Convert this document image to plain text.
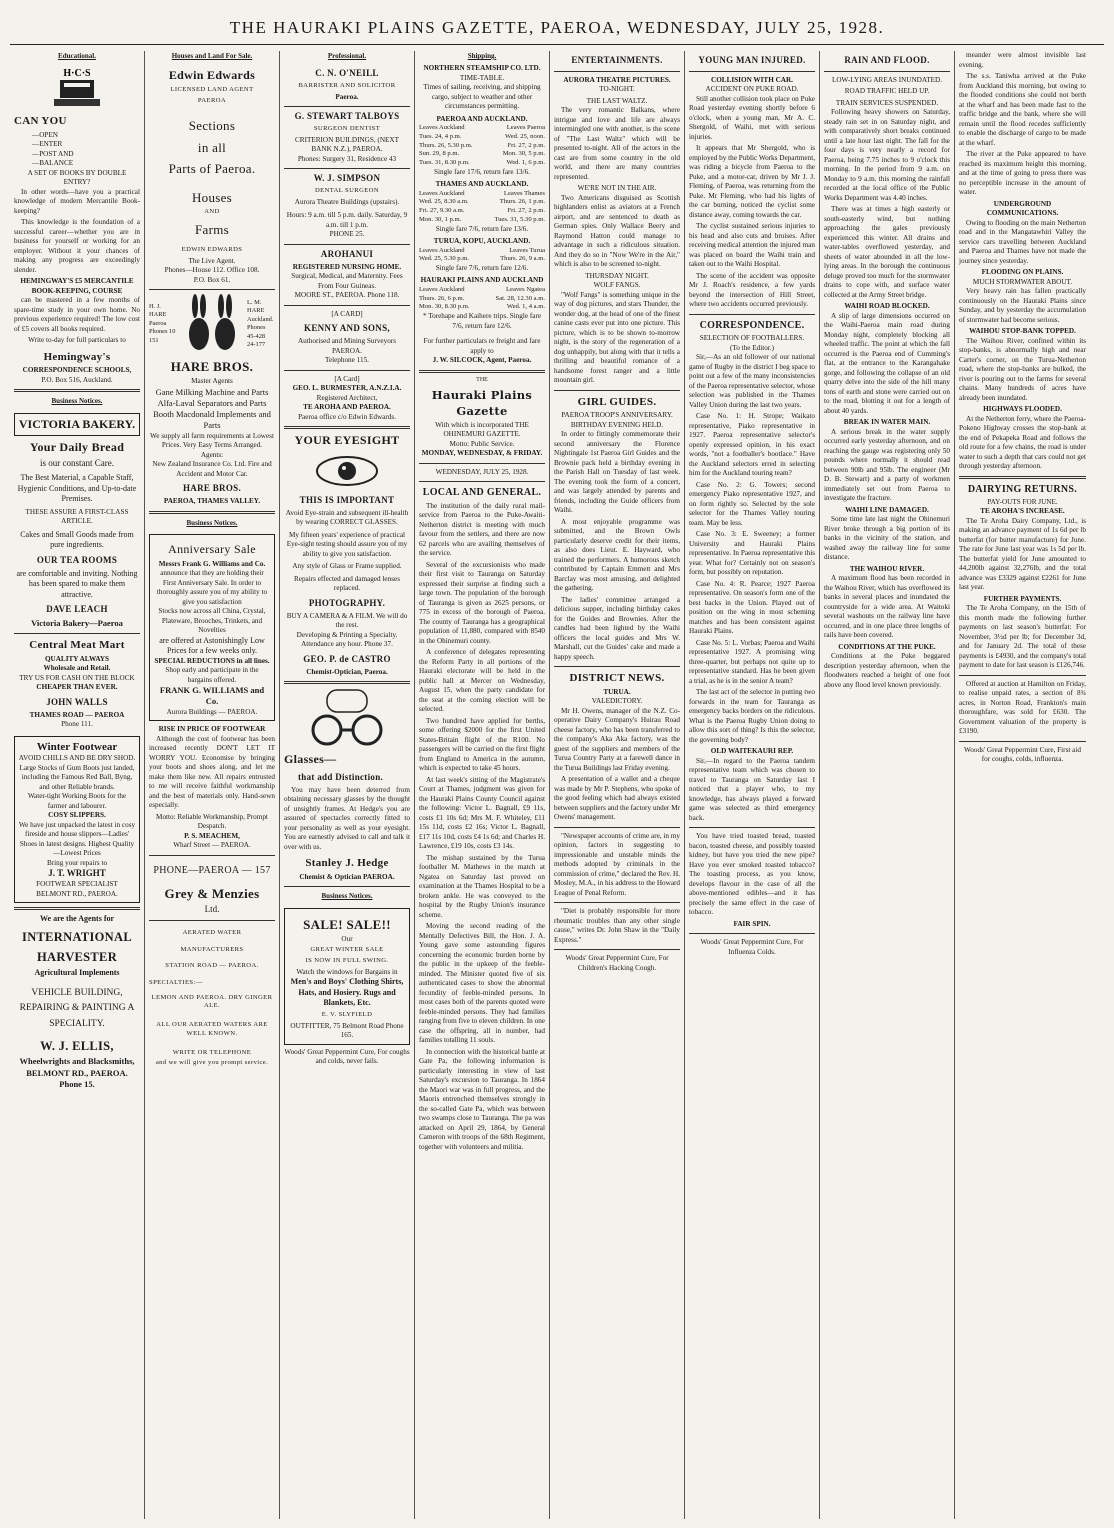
THE HAURAKI PLAINS GAZETTE, PAEROA, WEDNESDAY, JULY 25, 1928.
Educational.
H·C·S
CAN YOU
—OPEN
—ENTER
—POST AND
—BALANCE
A SET OF BOOKS BY DOUBLE ENTRY?
In other words—have you a practical knowledge of modern Mercantile Book-keeping?
This knowledge is the foundation of a successful career—whether you are in business for yourself or working for an employer. Without it your chances of making any progress are exceedingly slender.
HEMINGWAY'S £5 MERCANTILE BOOK-KEEPING, COURSE
can be mastered in a few months of spare-time study in your own home. No previous experience required! The low cost of £5 covers all books required.
Write to-day for full particulars to
Hemingway's
CORRESPONDENCE SCHOOLS,
P.O. Box 516, Auckland.
Business Notices.
VICTORIA BAKERY.
Your Daily Bread
is our constant Care.
The Best Material, a Capable Staff, Hygienic Conditions, and Up-to-date Premises.
THESE ASSURE A FIRST-CLASS ARTICLE.
Cakes and Small Goods made from pure ingredients.
OUR TEA ROOMS
are comfortable and inviting. Nothing has been spared to make them attractive.
DAVE LEACH
Victoria Bakery—Paeroa
Central Meat Mart
QUALITY ALWAYS
Wholesale and Retail.
TRY US FOR CASH ON THE BLOCK
CHEAPER THAN EVER.
JOHN WALLS
THAMES ROAD — PAEROA
Phone 111.
Winter Footwear
AVOID CHILLS AND BE DRY SHOD.
Large Stocks of Gum Boots just landed, including the Famous Red Ball, Byng, and other Reliable brands.
Water-tight Working Boots for the farmer and labourer.
COSY SLIPPERS.
We have just unpacked the latest in cosy fireside and house slippers—Ladies' Shoes in latest designs. Highest Quality—Lowest Prices
Bring your repairs to
J. T. WRIGHT
FOOTWEAR SPECIALIST
BELMONT RD., PAEROA.
We are the Agents for
INTERNATIONAL
HARVESTER
Agricultural Implements
VEHICLE BUILDING, REPAIRING & PAINTING A SPECIALITY.
W. J. ELLIS,
Wheelwrights and Blacksmiths,
BELMONT RD., PAEROA.
Phone 15.
Houses and Land For Sale.
Edwin Edwards
LICENSED LAND AGENT
PAEROA
Sections
in all
Parts of Paeroa.
Houses
AND
Farms
EDWIN EDWARDS
The Live Agent.
Phones—House 112. Office 108.
P.O. Box 61.
H. J. HARE Paeroa Phones 10 151
L. M. HARE Auckland. Phones 45-428 24-177
HARE BROS.
Master Agents
Gane Milking Machine and Parts
Alfa-Laval Separators and Parts
Booth Macdonald Implements and Parts
We supply all farm requirements at Lowest Prices. Very Easy Terms Arranged.
Agents:
New Zealand Insurance Co. Ltd. Fire and Accident and Motor Car.
HARE BROS.
PAEROA, THAMES VALLEY.
Business Notices.
Anniversary Sale
Messrs Frank G. Williams and Co.
announce that they are holding their First Anniversary Sale. In order to thoroughly assure you of my ability to give you satisfaction
Stocks now across all China, Crystal, Plateware, Brooches, Trinkets, and Novelties
are offered at Astonishingly Low Prices for a few weeks only.
SPECIAL REDUCTIONS in all lines.
Shop early and participate in the bargains offered.
FRANK G. WILLIAMS and Co.
Aurora Buildings — PAEROA.
RISE IN PRICE OF FOOTWEAR
Although the cost of footwear has been increased recently DON'T LET IT WORRY YOU. Economise by bringing your boots and shoes along, and let me make them like new. All repairs entrusted to me will receive faithful workmanship and the best of materials only. Hand-sewn especially.
Motto: Reliable Workmanship, Prompt Despatch.
P. S. MEACHEM,
Wharf Street — PAEROA.
PHONE—PAEROA — 157
Grey & Menzies
Ltd.
AERATED WATER
MANUFACTURERS
STATION ROAD — PAEROA.
SPECIALTIES:—
LEMON AND PAEROA. DRY GINGER ALE.
ALL OUR AERATED WATERS ARE WELL KNOWN.
WRITE OR TELEPHONE
and we will give you prompt service.
Professional.
C. N. O'NEILL
BARRISTER AND SOLICITOR
Paeroa.
G. STEWART TALBOYS
SURGEON DENTIST
CRITERION BUILDINGS, (NEXT BANK N.Z.), PAEROA.
Phones: Surgery 31, Residence 43
W. J. SIMPSON
DENTAL SURGEON
Aurora Theatre Buildings (upstairs).
Hours: 9 a.m. till 5 p.m. daily. Saturday, 9 a.m. till 1 p.m.
PHONE 25.
AROHANUI
REGISTERED NURSING HOME.
Surgical, Medical, and Maternity. Fees From Four Guineas.
MOORE ST., PAEROA. Phone 118.
[A CARD]
KENNY AND SONS,
Authorised and Mining Surveyors PAEROA.
Telephone 115.
[A Card]
GEO. L. BURMESTER, A.N.Z.I.A.
Registered Architect,
TE AROHA AND PAEROA.
Paeroa office c/o Edwin Edwards.
YOUR EYESIGHT
THIS IS IMPORTANT
Avoid Eye-strain and subsequent ill-health by wearing CORRECT GLASSES.
My fifteen years' experience of practical Eye-sight testing should assure you of my ability to give you satisfaction.
Any style of Glass or Frame supplied.
Repairs effected and damaged lenses replaced.
PHOTOGRAPHY.
BUY A CAMERA & A FILM. We will do the rest.
Developing & Printing a Specialty. Attendance any hour. Phone 37.
GEO. P. de CASTRO
Chemist-Optician, Paeroa.
Glasses—
that add Distinction.
You may have been deterred from obtaining necessary glasses by the thought of unsightly frames. At Hedge's you are assured of spectacles correctly fitted to your personality as well as your eyesight. You are earnestly advised to call and talk it over with us.
Stanley J. Hedge
Chemist & Optician PAEROA.
Business Notices.
SALE! SALE!!
Our
GREAT WINTER SALE
IS NOW IN FULL SWING.
Watch the windows for Bargains in
Men's and Boys' Clothing Shirts, Hats, and Hosiery. Rugs and Blankets, Etc.
E. V. SLYFIELD
OUTFITTER, 75 Belmont Road Phone 165.
Woods' Great Peppermint Cure, For coughs and colds, never fails.
Shipping.
NORTHERN STEAMSHIP CO. LTD.
TIME-TABLE.
Times of sailing, receiving, and shipping cargo, subject to weather and other circumstances permitting.
PAEROA AND AUCKLAND.
Leaves Auckland	Leaves Paeroa
Tues. 24, 4 p.m.	Wed. 25, noon.
Thurs. 26, 5.30 p.m.	Fri. 27, 2 p.m.
Sun. 29, 8 p.m.	Mon. 30, 5 p.m.
Tues. 31, 8.30 p.m.	Wed. 1, 6 p.m.
Single fare 17/6, return fare 13/6.
THAMES AND AUCKLAND.
Leaves Auckland	Leaves Thames
Wed. 25, 8.30 a.m.	Thurs. 26, 1 p.m.
Fri. 27, 9.30 a.m.	Fri. 27, 2 p.m.
Mon. 30, 1 p.m.	Tues. 31, 5.30 p.m.
Single fare 7/6, return fare 13/6.
TURUA, KOPU, AUCKLAND.
Leaves Auckland	Leaves Turua
Wed. 25, 5.30 p.m.	Thurs. 26, 9 a.m.
Single fare 7/6, return fare 12/6.
HAURAKI PLAINS AND AUCKLAND
Leaves Auckland	Leaves Ngatea
Thurs. 26, 6 p.m.	Sat. 28, 12.30 a.m.
Mon. 30, 8.30 p.m.	Wed. 1, 4 a.m.
* Torehape and Kaihere trips. Single fare 7/6, return fare 12/6.
For further particulars re freight and fare apply to
J. W. SILCOCK, Agent, Paeroa.
THE
Hauraki Plains Gazette
With which is incorporated THE OHINEMURI GAZETTE.
Motto: Public Service.
MONDAY, WEDNESDAY, & FRIDAY.
WEDNESDAY, JULY 25, 1928.
LOCAL AND GENERAL.
The institution of the daily rural mail-service from Paeroa to the Puke-Awaiti-Netherton district is meeting with much favour from the settlers, and there are now 62 parcels who are availing themselves of the service.
Several of the excursionists who made their first visit to Tauranga on Saturday expressed their surprise at finding such a large town. The population of the borough of Tauranga is given as 2625 persons, or 775 in excess of the borough of Paeroa. The county of Tauranga has a geographical population of 11,880, compared with 8540 in the Ohinemuri county.
A conference of delegates representing the Reform Party in all portions of the Hauraki electorate will be held in the public hall at Mercer on Wednesday, August 15, when the party candidate for the seat at the coming election will be selected.
Two hundred have applied for berths, some offering $2000 for the first United States-Britain flight of the R100. No passengers will be carried on the first flight from England to America in the autumn, which is expected to take 45 hours.
At last week's sitting of the Magistrate's Court at Thames, judgment was given for the Hauraki Plains County Council against the following: Victor L. Bagnall, £9 11s, costs £1 10s 6d; Mrs M. F. Whiteley, £11 15s 11d, costs £2 16s; Victor L. Bagnall, £17 11s 10d, costs £4 1s 6d; and Charles H. Lawrence, £19 10s, costs £3 14s.
The mishap sustained by the Turua footballer M. Mathews in the match at Ngatea on Saturday last proved on examination at the Thames Hospital to be a broken ankle. He was conveyed to the hospital by the Rugby Union's insurance scheme.
Moving the second reading of the Mentally Defectives Bill, the Hon. J. A. Young gave some astounding figures concerning the economic burden borne by the public in the upkeep of the feeble-minded. The Minister quoted five of six authenticated cases to show the abnormal fecundity of feeble-minded persons. In most cases both of the parents quoted were feeble-minded persons. They had families ranging from five to eleven children. In one case the offspring, all in number, had families totalling 11 souls.
In connection with the historical battle at Gate Pa, the following information is particularly interesting in view of last Saturday's excursion to Tauranga. In 1864 the Maori war was in full progress, and the Maoris entrenched themselves strongly in the so-called Gate Pa, which was between two swamps close to Tauranga. The pa was attacked on April 29, 1864, by General Cameron with troops of the 68th Regiment, together with volunteers and militia.
ENTERTAINMENTS.
AURORA THEATRE PICTURES.
TO-NIGHT.
THE LAST WALTZ.
The very romantic Balkans, where intrigue and love and life are always intermingled one with another, is the scene of "The Last Waltz" which will be presented to-night. All of the actors in the cast are from some country in the old world, and there are many countries represented.
WE'RE NOT IN THE AIR.
Two Americans disguised as Scottish highlanders enlist as aviators at a French airport, and are sentenced to death as German spies. Only Wallace Beery and Raymond Hatton could manage to advantage in such a ridiculous situation. And they do so in "Now We're in the Air," which is also to be screened to-night.
THURSDAY NIGHT.
WOLF FANGS.
"Wolf Fangs" is something unique in the way of dog pictures, and stars Thunder, the wonder dog, at the head of one of the finest canine casts ever put into one picture. This picture, which is to be shown to-morrow night, is the story of the regeneration of a dog unhappily, but along with that it tells a thrilling and beautiful romance of a handsome forest ranger and a little mountain girl.
GIRL GUIDES.
PAEROA TROOP'S ANNIVERSARY.
BIRTHDAY EVENING HELD.
In order to fittingly commemorate their second anniversary the Florence Nightingale 1st Paeroa Girl Guides and the Brownie pack held a birthday evening in the Parish Hall on Tuesday of last week. The evening took the form of a concert, and was largely attended by parents and friends, including the Guide officers from Waihi.
A most enjoyable programme was submitted, and the Brown Owls particularly deserve credit for their items, as also does Lieut. E. Hayward, who trained the performers. A humorous sketch contributed by Captain Emmett and Mrs Barclay was most amusing, and delighted the gathering.
The ladies' committee arranged a delicious supper, including birthday cakes for the Guides and Brownies. After the candles had been lighted by the Waihi officers the local guides and Mrs W. Marshall, cut the Guides' cake and made a happy speech.
DISTRICT NEWS.
TURUA.
VALEDICTORY.
Mr H. Owens, manager of the N.Z. Co-operative Dairy Company's Huirau Road cheese factory, who has been transferred to the company's Aka Aka factory, was the guest of the suppliers and members of the Turua Country Party at a farewell dance in the Turua Buildings last Friday evening.
A presentation of a wallet and a cheque was made by Mr P. Stephens, who spoke of the good feeling which had always existed between suppliers and the factory under Mr Owens' management.
"Newspaper accounts of crime are, in my opinion, factors in suggesting to impressionable and unstable minds the methods adopted by criminals in the commission of crime," declared the Rev. H. Mosley, M.A., in his address to the Howard League of Penal Reform.
"Diet is probably responsible for more rheumatic troubles than any other single cause," writes Dr. John Shaw in the "Daily Express."
Woods' Great Peppermint Cure, For Children's Hacking Cough.
YOUNG MAN INJURED.
COLLISION WITH CAR.
ACCIDENT ON PUKE ROAD.
Still another collision took place on Puke Road yesterday evening shortly before 6 o'clock, when a young man, Mr A. C. Shergold, of Waihi, met with serious injuries.
It appears that Mr Shergold, who is employed by the Public Works Department, was riding a bicycle from Paeroa to the Puke, and a motor-car, driven by Mr J. J. Fleming, of Paeroa, was returning from the Puke. Mr Fleming, who had his lights of the car burning, noticed the cyclist some distance away, coming towards the car.
The cyclist sustained serious injuries to his head and also cuts and bruises. After receiving medical attention the injured man was placed on board the Waihi train and taken out to the Waihi Hospital.
The scene of the accident was opposite Mr J. Roach's residence, a few yards beyond the intersection of Hill Street, where two accidents occurred previously.
CORRESPONDENCE.
SELECTION OF FOOTBALLERS.
(To the Editor.)
Sir,—As an old follower of our national game of Rugby in the district I beg space to point out a few of the many inconsistencies of the Paeroa representative selector, whose selection was published in the Thames Valley Union during the last two years.
Case No. 1: H. Strope; Waikato representative, Piako representative in 1927. Paeroa representative selector's openly expressed opinion, in his exact words, "not a footballer's bootlace." Have the Auckland selectors erred in selecting him for the Auckland touring team?
Case No. 2: G. Towers; second emergency Piako representative 1927, and on form rightly so. Selected by the sole selector for the Thames Valley touring team. May be less.
Case No. 3: E. Sweeney; a former University and Hauraki Plains representative. In Paeroa representative this year. What for? Certainly not on season's form, but possibly on reputation.
Case No. 4: R. Pearce; 1927 Paeroa representative. On season's form one of the best backs in the Union. Played out of position on the wing in most scheming matches and has been consistent against Hauraki Plains.
Case No. 5: L. Vorbas; Paeroa and Waihi representative 1927. A promising wing three-quarter, but perhaps not quite up to representative standard. Has he been given a trial, as he is in the senior A team?
The last act of the selector in putting two forwards in the team for Tauranga as emergency backs borders on the ridiculous. What is the Paeroa Rugby Union doing to allow this sort of thing? Is this the selector, the governing body?
OLD WAITEKAURI REP.
Sir,—In regard to the Paeroa tandem representative team which was chosen to travel to Tauranga on Saturday last I noticed that a player who, to my knowledge, has always played a forward game was selected as third emergency back.
You have tried toasted bread, toasted bacon, toasted cheese, and possibly toasted kidney, but have you tried the new pipe? Have you ever smoked toasted tobacco? The toasting process, as you know, develops flavour in the case of all the above-mentioned edibles—and it has precisely the same effect in the case of tobacco.
FAIR SPIN.
Woods' Great Peppermint Cure, For Influenza Colds.
RAIN AND FLOOD.
LOW-LYING AREAS INUNDATED.
ROAD TRAFFIC HELD UP.
TRAIN SERVICES SUSPENDED.
Following heavy showers on Saturday, steady rain set in on Saturday night, and with comparatively short breaks continued until a late hour last night. The fall for the four days is very nearly a record for Paeroa, being 7.75 inches to 9 o'clock this morning. In the period from 9 a.m. on Monday to 9 a.m. this morning the rainfall recorded at the local office of the Public Works Department was 4.40 inches.
There was at times a high easterly or south-easterly wind, but nothing approaching the gales previously experienced this winter. All drains and water-tables overflowed yesterday, and sheets of water abounded in all the low-lying areas. In the borough the continuous deluge proved too much for the stormwater drains to cope with, and surface water collected at the Army Street bridge.
WAIHI ROAD BLOCKED.
A slip of large dimensions occurred on the Waihi-Paeroa main road during Monday night, completely blocking all wheeled traffic. The point at which the fall occurred is the Paeroa end of Cumming's flat, at the entrance to the Karangahake gorge, and following the collapse of an old quarry delve into the side of the hill many tons of earth and stone were carried out on to the road, blotting it out for a length of about 40 yards.
BREAK IN WATER MAIN.
A serious break in the water supply occurred early yesterday afternoon, and on reaching the gauge was registering only 50 pounds where normally it should read between 90lb and 95lb. The engineer (Mr D. B. Stewart) and a party of workmen immediately set out from Paeroa to investigate the fracture.
WAIHI LINE DAMAGED.
Some time late last night the Ohinemuri River broke through a big portion of its banks in the vicinity of the station, and washed away the railway line for some distance.
THE WAIHOU RIVER.
A maximum flood has been recorded in the Waihou River, which has overflowed its banks in several places and inundated the countryside for a wide area. At Waitoki several washouts on the railway line have occurred, and in one place three lengths of rails have been covered.
CONDITIONS AT THE PUKE.
Conditions at the Puke beggared description yesterday afternoon, when the floodwaters reached a height of one foot above any flood level known previously.
meander were almost invisible last evening.
The s.s. Taniwha arrived at the Puke from Auckland this morning, but owing to the flooded conditions she could not berth at the wharf and has been made fast to the traffic bridge and the bank, where she will remain until the flood recedes sufficiently to enable the discharge of cargo to be made at the wharf.
The river at the Puke appeared to have reached its maximum height this morning, and at the time of going to press there was no perceptible increase in the amount of water.
UNDERGROUND COMMUNICATIONS.
Owing to flooding on the main Netherton road and in the Mangatawhiri Valley the service cars travelling between Auckland and Paeroa and Thames have not made the journey since yesterday.
FLOODING ON PLAINS.
MUCH STORMWATER ABOUT.
Very heavy rain has fallen practically continuously on the Hauraki Plains since Sunday, and by yesterday the accumulation of stormwater had become serious.
WAIHOU STOP-BANK TOPPED.
The Waihou River, confined within its stop-banks, is abnormally high and near Carter's corner, on the Turua-Netherton road, where the stop-banks are bulked, the river is pouring out to the farms for several chains. Many hundreds of acres have already been inundated.
HIGHWAYS FLOODED.
At the Netherton ferry, where the Paeroa-Pokeno Highway crosses the stop-bank at the end of Pekapeka Road and follows the old route for a few chains, the road is under water to such a depth that cars could not get through yesterday afternoon.
DAIRYING RETURNS.
PAY-OUTS FOR JUNE.
TE AROHA'S INCREASE.
The Te Aroha Dairy Company, Ltd., is making an advance payment of 1s 6d per lb butterfat (for butter manufacture) for June. The rate for June last year was 1s 5d per lb. The butterfat yield for June amounted to 44,200lb against 32,276lb, and the total advance was £3329 against £2261 for June last year.
FURTHER PAYMENTS.
The Te Aroha Company, on the 15th of this month made the following further payments on last season's butterfat: For November, 3½d per lb; for December 3d, and for January 2d. The total of these payments is £4930, and the company's total payment to date for last season is £126,746.
Offered at auction at Hamilton on Friday, to realise unpaid rates, a section of 8¾ acres, in Norton Road, Frankton's main thoroughfare, was sold for £630. The Government valuation of the property is £3190.
Woods' Great Peppermint Cure, First aid for coughs, colds, influenza.
